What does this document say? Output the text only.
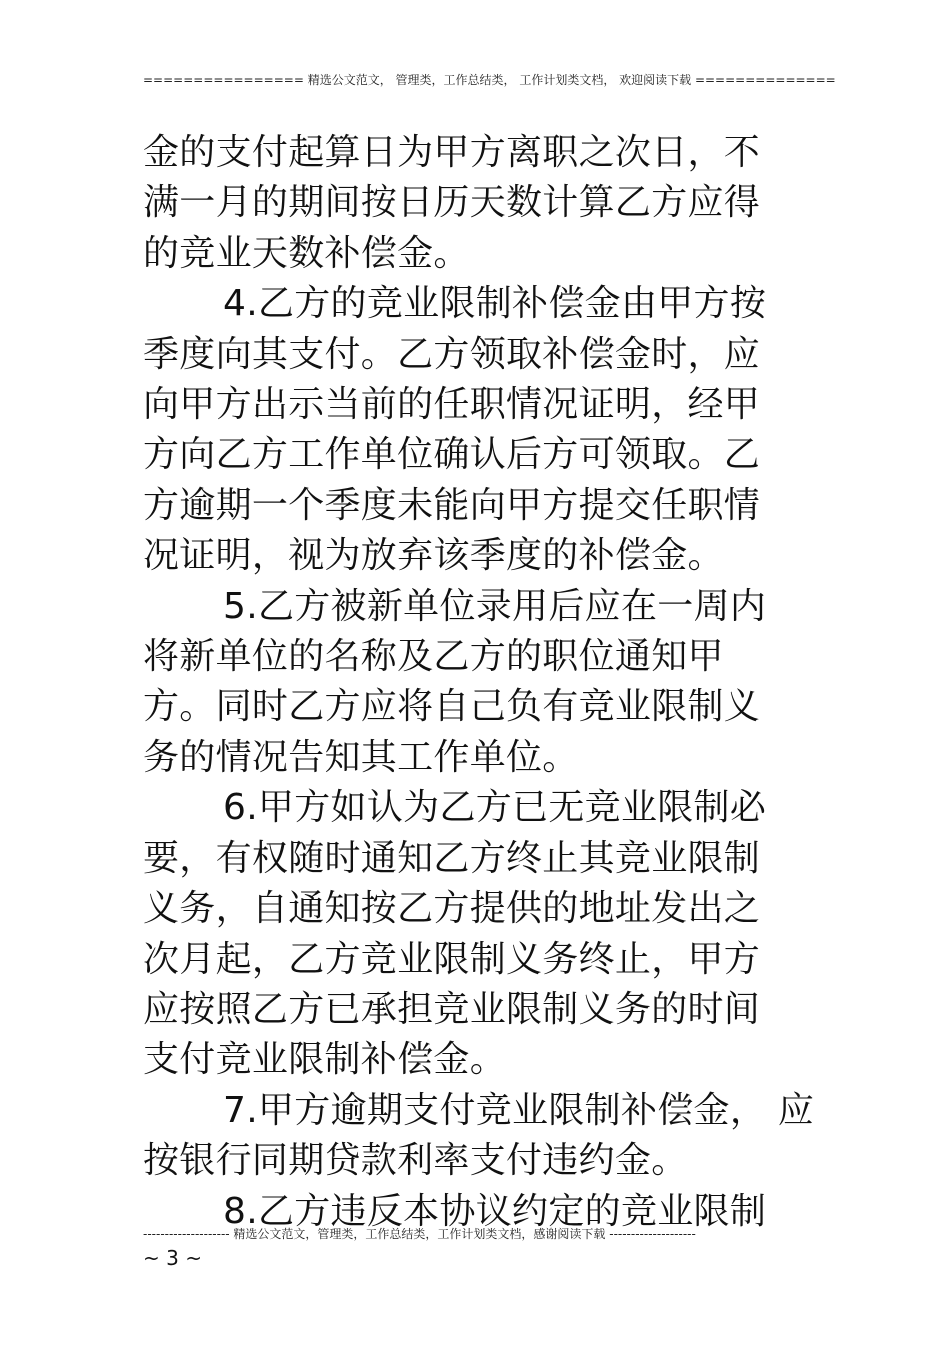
================ 精选公文范文， 管理类，工作总结类， 工作计划类文档， 欢迎阅读下载 ==============
金的支付起算日为甲方离职之次日，不
满一月的期间按日历天数计算乙方应得
的竞业天数补偿金。
4.乙方的竞业限制补偿金由甲方按
季度向其支付。乙方领取补偿金时，应
向甲方出示当前的任职情况证明，经甲
方向乙方工作单位确认后方可领取。乙
方逾期一个季度未能向甲方提交任职情
况证明，视为放弃该季度的补偿金。
5.乙方被新单位录用后应在一周内
将新单位的名称及乙方的职位通知甲
方。同时乙方应将自己负有竞业限制义
务的情况告知其工作单位。
6.甲方如认为乙方已无竞业限制必
要，有权随时通知乙方终止其竞业限制
义务，自通知按乙方提供的地址发出之
次月起，乙方竞业限制义务终止，甲方
应按照乙方已承担竞业限制义务的时间
支付竞业限制补偿金。
7.甲方逾期支付竞业限制补偿金， 应
按银行同期贷款利率支付违约金。
8.乙方违反本协议约定的竞业限制
-------------------- 精选公文范文，管理类，工作总结类，工作计划类文档，感谢阅读下载 --------------------
~ 3 ~
